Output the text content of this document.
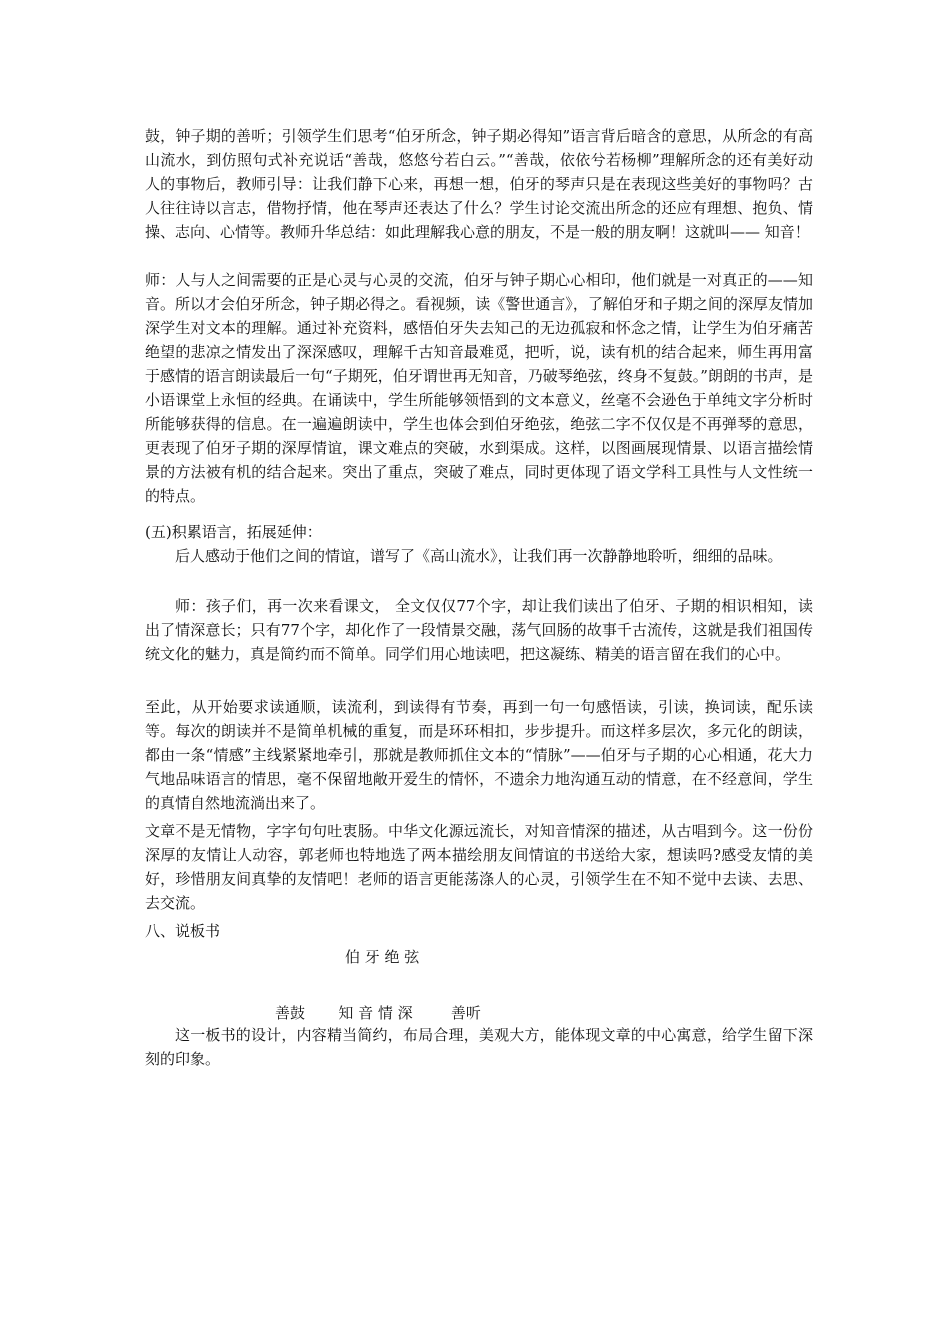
鼓，钟子期的善听；引领学生们思考“伯牙所念，钟子期必得知”语言背后暗含的意思，从所念的有高山流水，到仿照句式补充说话“善哉，悠悠兮若白云。”“善哉，依依兮若杨柳”理解所念的还有美好动人的事物后，教师引导：让我们静下心来，再想一想，伯牙的琴声只是在表现这些美好的事物吗？古人往往诗以言志，借物抒情，他在琴声还表达了什么？学生讨论交流出所念的还应有理想、抱负、情操、志向、心情等。教师升华总结：如此理解我心意的朋友，不是一般的朋友啊！这就叫—— 知音！
师：人与人之间需要的正是心灵与心灵的交流，伯牙与钟子期心心相印，他们就是一对真正的——知音。所以才会伯牙所念，钟子期必得之。看视频，读《警世通言》，了解伯牙和子期之间的深厚友情加深学生对文本的理解。通过补充资料，感悟伯牙失去知己的无边孤寂和怀念之情，让学生为伯牙痛苦绝望的悲凉之情发出了深深感叹，理解千古知音最难觅，把听，说，读有机的结合起来，师生再用富于感情的语言朗读最后一句“子期死，伯牙谓世再无知音，乃破琴绝弦，终身不复鼓。”朗朗的书声，是小语课堂上永恒的经典。在诵读中，学生所能够领悟到的文本意义，丝毫不会逊色于单纯文字分析时所能够获得的信息。在一遍遍朗读中，学生也体会到伯牙绝弦，绝弦二字不仅仅是不再弹琴的意思，更表现了伯牙子期的深厚情谊，课文难点的突破，水到渠成。这样，以图画展现情景、以语言描绘情景的方法被有机的结合起来。突出了重点，突破了难点，同时更体现了语文学科工具性与人文性统一的特点。
(五)积累语言，拓展延伸：
后人感动于他们之间的情谊，谱写了《高山流水》，让我们再一次静静地聆听，细细的品味。
师：孩子们，再一次来看课文， 全文仅仅77个字，却让我们读出了伯牙、子期的相识相知，读出了情深意长；只有77个字，却化作了一段情景交融，荡气回肠的故事千古流传，这就是我们祖国传统文化的魅力，真是简约而不简单。同学们用心地读吧，把这凝练、精美的语言留在我们的心中。
至此，从开始要求读通顺，读流利，到读得有节奏，再到一句一句感悟读，引读，换词读，配乐读等。每次的朗读并不是简单机械的重复，而是环环相扣，步步提升。而这样多层次，多元化的朗读，都由一条“情感”主线紧紧地牵引，那就是教师抓住文本的“情脉”——伯牙与子期的心心相通，花大力气地品味语言的情思，毫不保留地敞开爱生的情怀，不遗余力地沟通互动的情意，在不经意间，学生的真情自然地流淌出来了。
文章不是无情物，字字句句吐衷肠。中华文化源远流长，对知音情深的描述，从古唱到今。这一份份深厚的友情让人动容，郭老师也特地选了两本描绘朋友间情谊的书送给大家，想读吗?感受友情的美好，珍惜朋友间真挚的友情吧！老师的语言更能荡涤人的心灵，引领学生在不知不觉中去读、去思、去交流。
八、说板书
伯 牙 绝 弦
善鼓       知 音 情 深        善听
这一板书的设计，内容精当简约，布局合理，美观大方，能体现文章的中心寓意，给学生留下深刻的印象。
